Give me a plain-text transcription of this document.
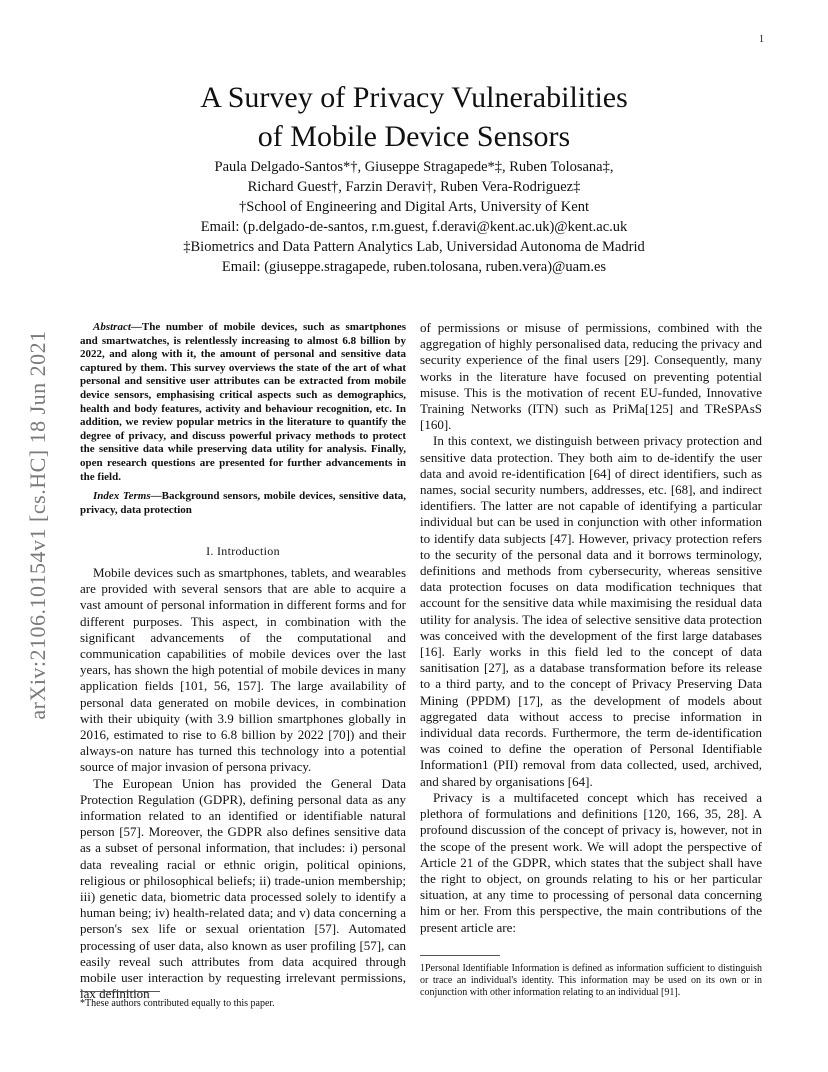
1
arXiv:2106.10154v1 [cs.HC] 18 Jun 2021
A Survey of Privacy Vulnerabilities
of Mobile Device Sensors
Paula Delgado-Santos*†, Giuseppe Stragapede*‡, Ruben Tolosana‡,
Richard Guest†, Farzin Deravi†, Ruben Vera-Rodriguez‡
†School of Engineering and Digital Arts, University of Kent
Email: (p.delgado-de-santos, r.m.guest, f.deravi@kent.ac.uk)@kent.ac.uk
‡Biometrics and Data Pattern Analytics Lab, Universidad Autonoma de Madrid
Email: (giuseppe.stragapede, ruben.tolosana, ruben.vera)@uam.es

Abstract—The number of mobile devices, such as smartphones and smartwatches, is relentlessly increasing to almost 6.8 billion by 2022, and along with it, the amount of personal and sensitive data captured by them. This survey overviews the state of the art of what personal and sensitive user attributes can be extracted from mobile device sensors, emphasising critical aspects such as demographics, health and body features, activity and behaviour recognition, etc. In addition, we review popular metrics in the literature to quantify the degree of privacy, and discuss powerful privacy methods to protect the sensitive data while preserving data utility for analysis. Finally, open research questions are presented for further advancements in the field.

Index Terms—Background sensors, mobile devices, sensitive data, privacy, data protection

I. Introduction

Mobile devices such as smartphones, tablets, and wearables are provided with several sensors that are able to acquire a vast amount of personal information in different forms and for different purposes. This aspect, in combination with the significant advancements of the computational and communication capabilities of mobile devices over the last years, has shown the high potential of mobile devices in many application fields [101, 56, 157]. The large availability of personal data generated on mobile devices, in combination with their ubiquity (with 3.9 billion smartphones globally in 2016, estimated to rise to 6.8 billion by 2022 [70]) and their always-on nature has turned this technology into a potential source of major invasion of persona privacy.

The European Union has provided the General Data Protection Regulation (GDPR), defining personal data as any information related to an identified or identifiable natural person [57]. Moreover, the GDPR also defines sensitive data as a subset of personal information, that includes: i) personal data revealing racial or ethnic origin, political opinions, religious or philosophical beliefs; ii) trade-union membership; iii) genetic data, biometric data processed solely to identify a human being; iv) health-related data; and v) data concerning a person's sex life or sexual orientation [57]. Automated processing of user data, also known as user profiling [57], can easily reveal such attributes from data acquired through mobile user interaction by requesting irrelevant permissions, lax definition

*These authors contributed equally to this paper.

of permissions or misuse of permissions, combined with the aggregation of highly personalised data, reducing the privacy and security experience of the final users [29]. Consequently, many works in the literature have focused on preventing potential misuse. This is the motivation of recent EU-funded, Innovative Training Networks (ITN) such as PriMa[125] and TReSPAsS [160].

In this context, we distinguish between privacy protection and sensitive data protection. They both aim to de-identify the user data and avoid re-identification [64] of direct identifiers, such as names, social security numbers, addresses, etc. [68], and indirect identifiers. The latter are not capable of identifying a particular individual but can be used in conjunction with other information to identify data subjects [47]. However, privacy protection refers to the security of the personal data and it borrows terminology, definitions and methods from cybersecurity, whereas sensitive data protection focuses on data modification techniques that account for the sensitive data while maximising the residual data utility for analysis. The idea of selective sensitive data protection was conceived with the development of the first large databases [16]. Early works in this field led to the concept of data sanitisation [27], as a database transformation before its release to a third party, and to the concept of Privacy Preserving Data Mining (PPDM) [17], as the development of models about aggregated data without access to precise information in individual data records. Furthermore, the term de-identification was coined to define the operation of Personal Identifiable Information1 (PII) removal from data collected, used, archived, and shared by organisations [64].

Privacy is a multifaceted concept which has received a plethora of formulations and definitions [120, 166, 35, 28]. A profound discussion of the concept of privacy is, however, not in the scope of the present work. We will adopt the perspective of Article 21 of the GDPR, which states that the subject shall have the right to object, on grounds relating to his or her particular situation, at any time to processing of personal data concerning him or her. From this perspective, the main contributions of the present article are:

1Personal Identifiable Information is defined as information sufficient to distinguish or trace an individual's identity. This information may be used on its own or in conjunction with other information relating to an individual [91].
